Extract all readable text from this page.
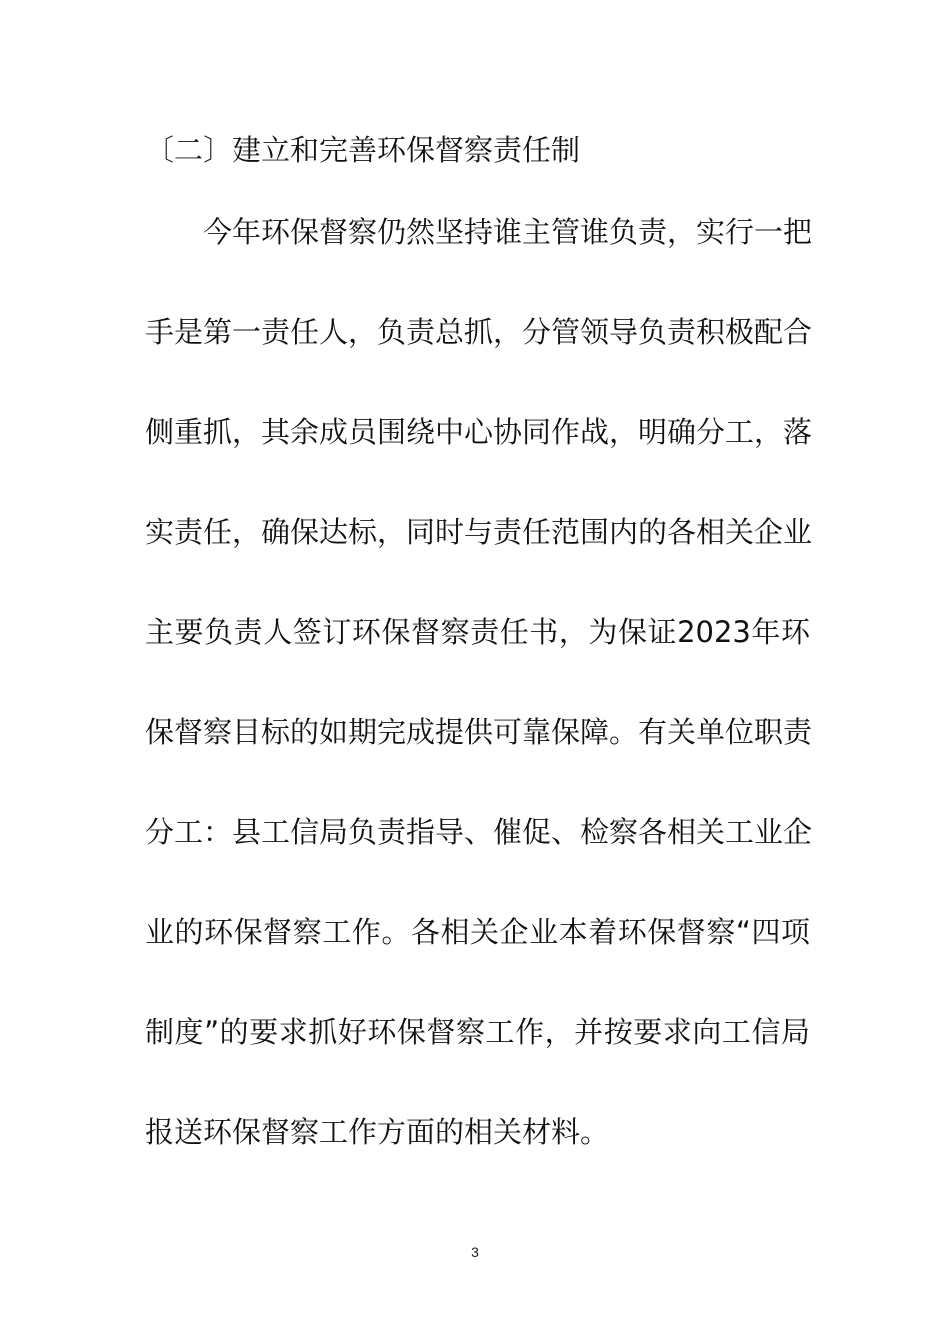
〔二〕建立和完善环保督察责任制
今年环保督察仍然坚持谁主管谁负责，实行一把
手是第一责任人，负责总抓，分管领导负责积极配合
侧重抓，其余成员围绕中心协同作战，明确分工，落
实责任，确保达标，同时与责任范围内的各相关企业
主要负责人签订环保督察责任书，为保证2023年环
保督察目标的如期完成提供可靠保障。有关单位职责
分工：县工信局负责指导、催促、检察各相关工业企
业的环保督察工作。各相关企业本着环保督察“四项
制度”的要求抓好环保督察工作，并按要求向工信局
报送环保督察工作方面的相关材料。
3
